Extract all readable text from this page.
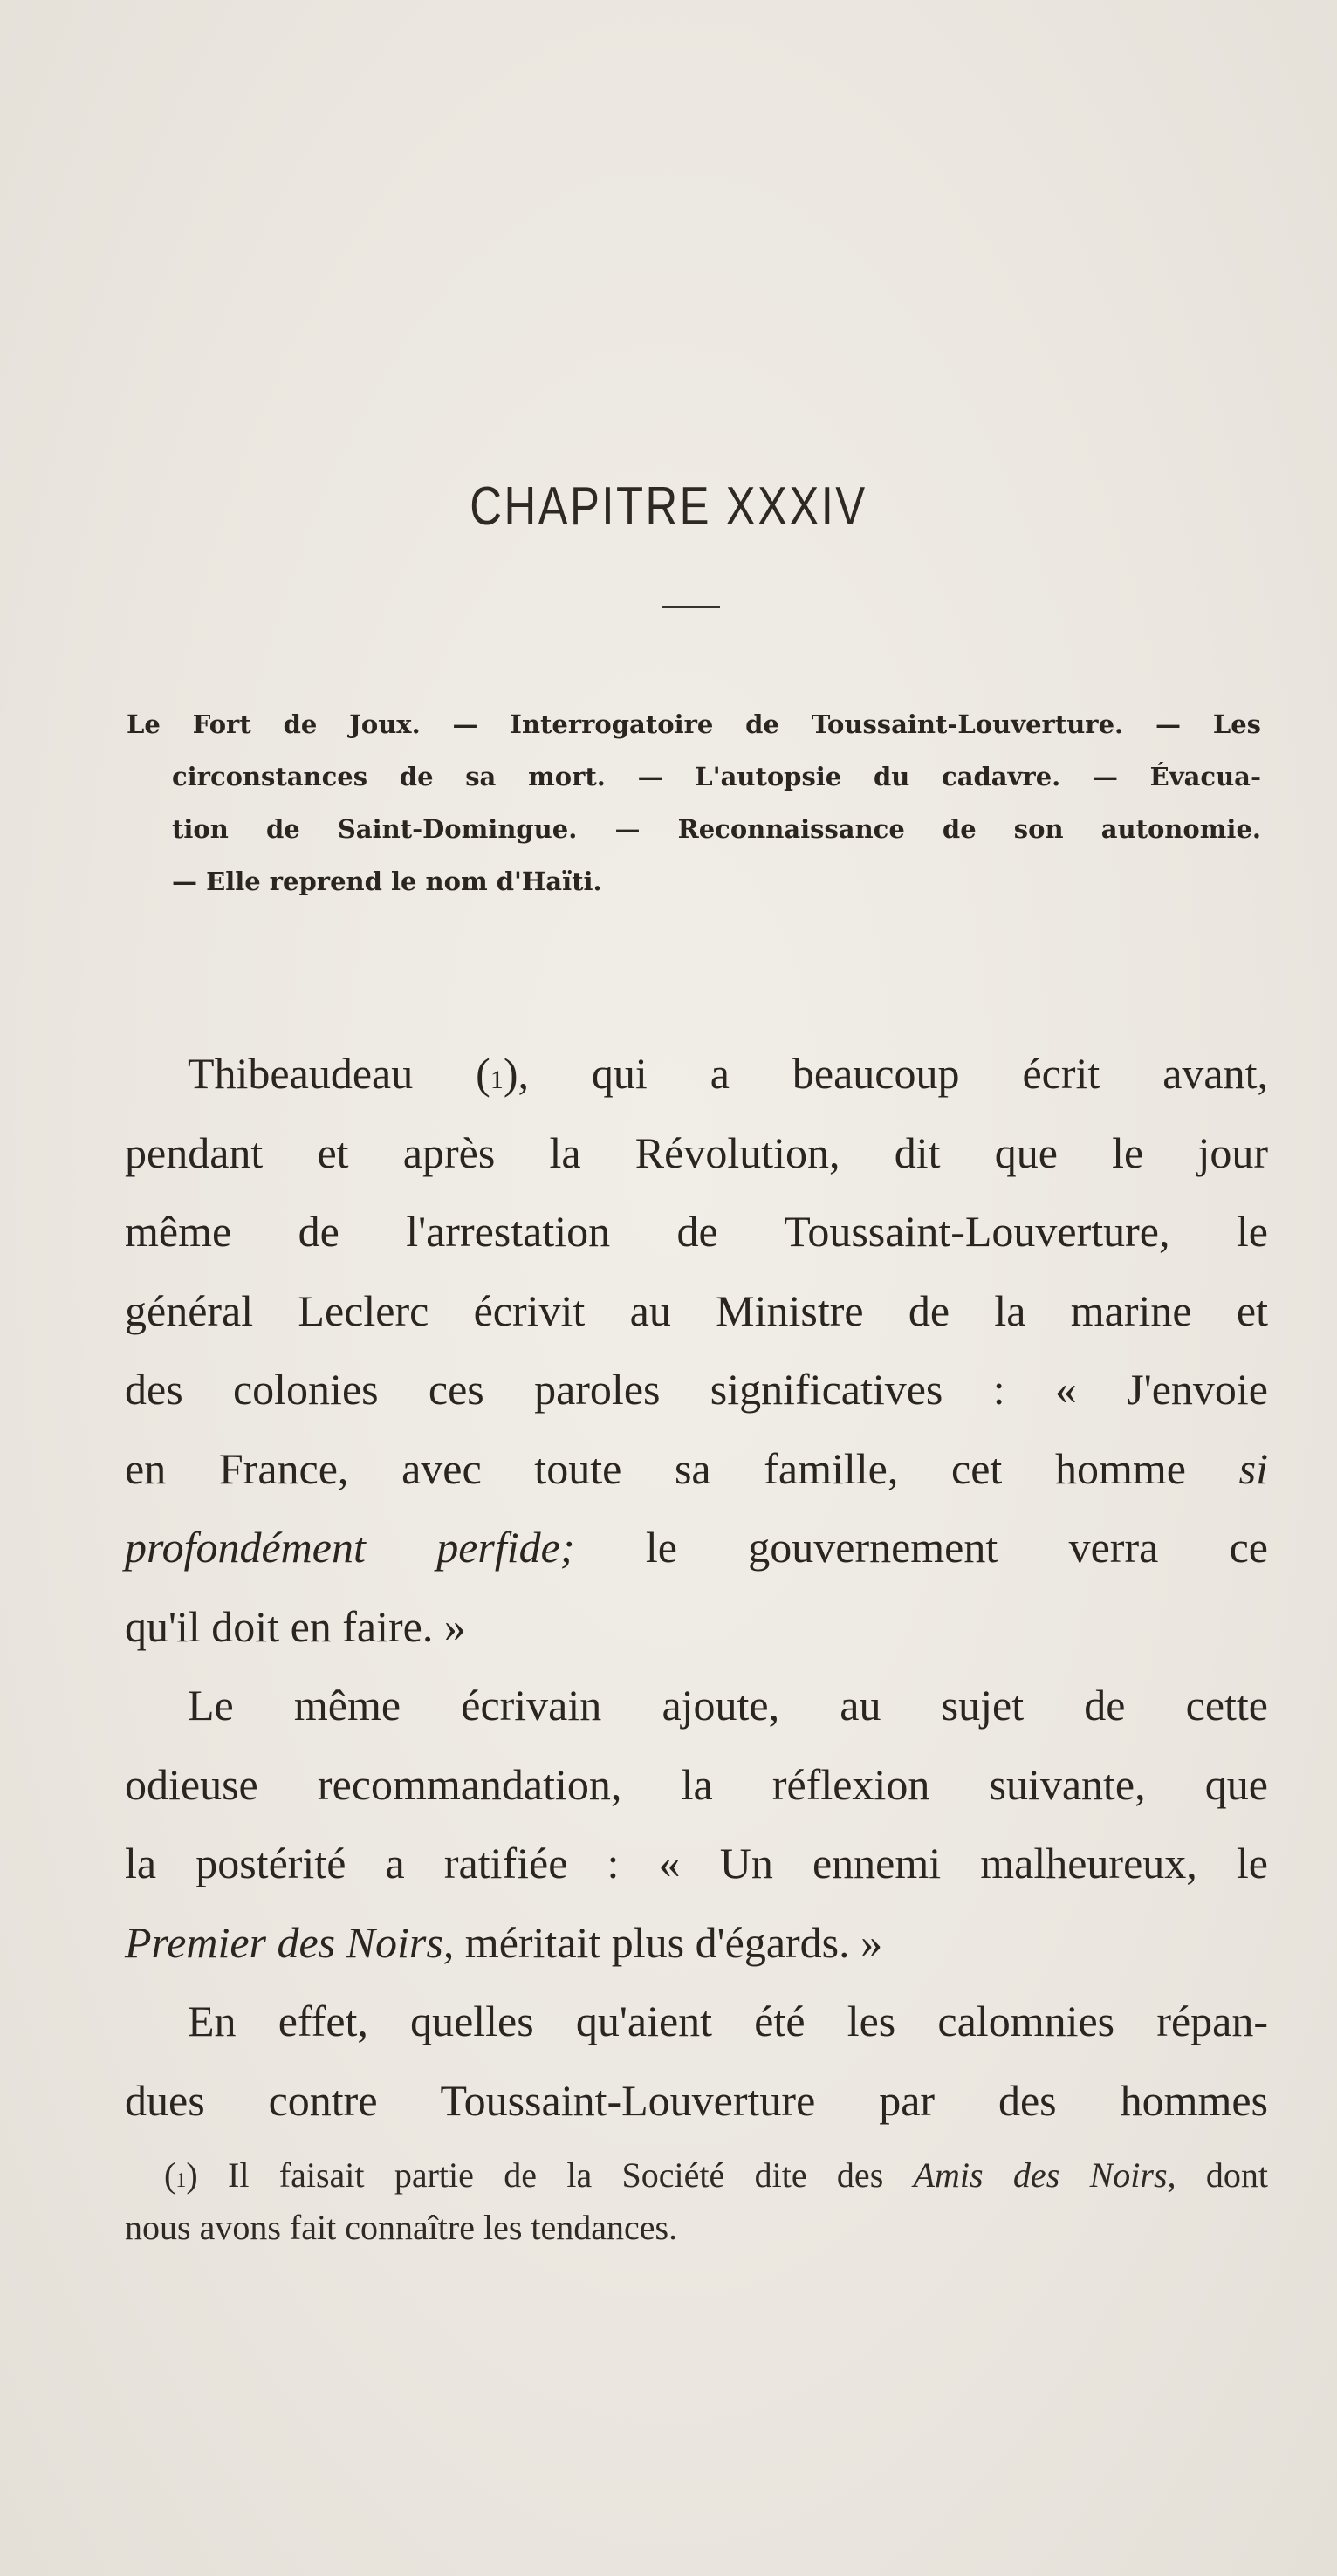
CHAPITRE XXXIV
Le Fort de Joux. — Interrogatoire de Toussaint-Louverture. — Les
circonstances de sa mort. — L'autopsie du cadavre. — Évacua-
tion de Saint-Domingue. — Reconnaissance de son autonomie.
— Elle reprend le nom d'Haïti.
Thibeaudeau ($^1$), qui a beaucoup écrit avant,
pendant et après la Révolution, dit que le jour
même de l'arrestation de Toussaint-Louverture, le
général Leclerc écrivit au Ministre de la marine et
des colonies ces paroles significatives : « J'envoie
en France, avec toute sa famille, cet homme si
profondément perfide; le gouvernement verra ce
qu'il doit en faire. »
Le même écrivain ajoute, au sujet de cette
odieuse recommandation, la réflexion suivante, que
la postérité a ratifiée : « Un ennemi malheureux, le
Premier des Noirs, méritait plus d'égards. »
En effet, quelles qu'aient été les calomnies répan-
dues contre Toussaint-Louverture par des hommes
($^1$) Il faisait partie de la Société dite des Amis des Noirs, dont
nous avons fait connaître les tendances.
